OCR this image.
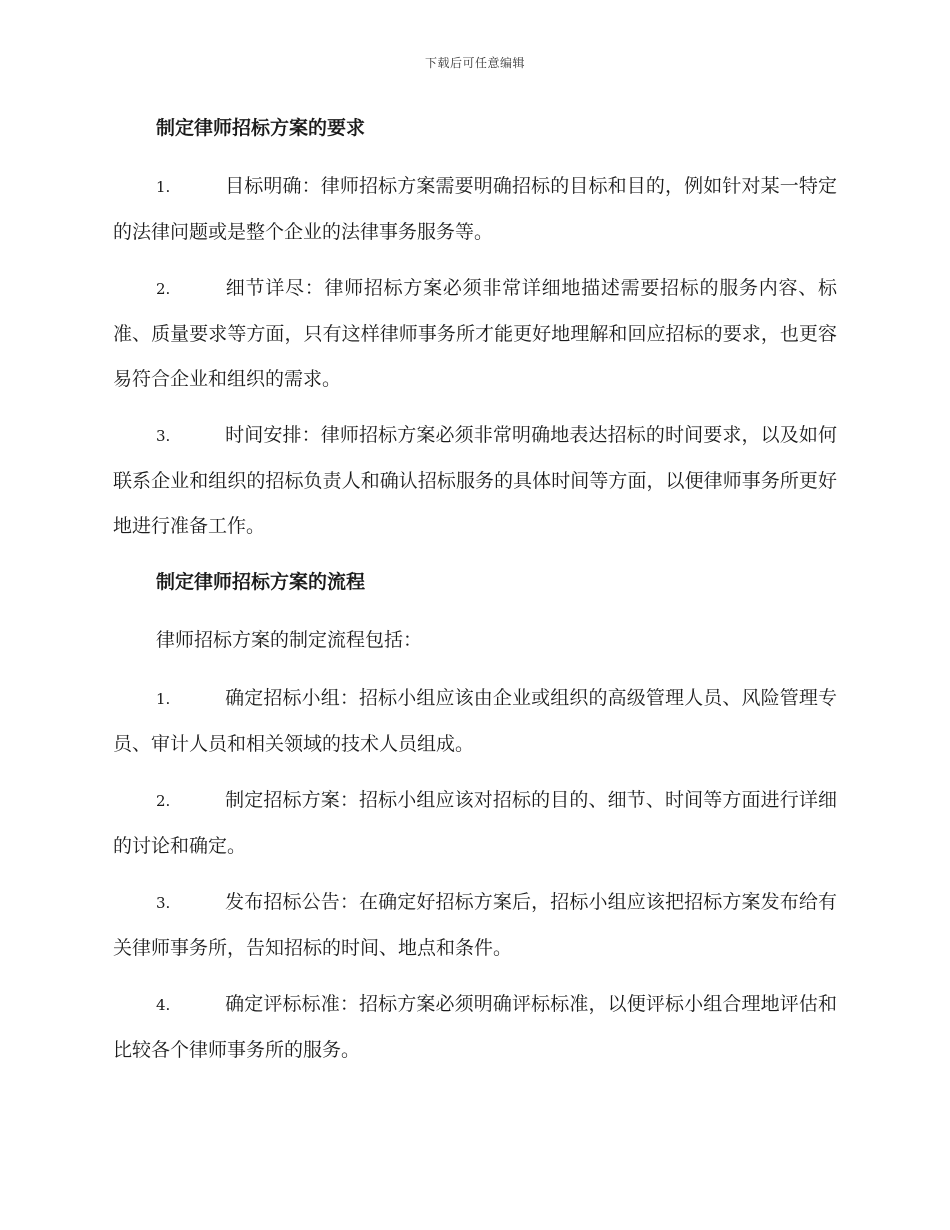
下载后可任意编辑

制定律师招标方案的要求

1.	目标明确：律师招标方案需要明确招标的目标和目的，例如针对某一特定的法律问题或是整个企业的法律事务服务等。

2.	细节详尽：律师招标方案必须非常详细地描述需要招标的服务内容、标准、质量要求等方面，只有这样律师事务所才能更好地理解和回应招标的要求，也更容易符合企业和组织的需求。

3.	时间安排：律师招标方案必须非常明确地表达招标的时间要求，以及如何联系企业和组织的招标负责人和确认招标服务的具体时间等方面，以便律师事务所更好地进行准备工作。

制定律师招标方案的流程

律师招标方案的制定流程包括：

1.	确定招标小组：招标小组应该由企业或组织的高级管理人员、风险管理专员、审计人员和相关领域的技术人员组成。

2.	制定招标方案：招标小组应该对招标的目的、细节、时间等方面进行详细的讨论和确定。

3.	发布招标公告：在确定好招标方案后，招标小组应该把招标方案发布给有关律师事务所，告知招标的时间、地点和条件。

4.	确定评标标准：招标方案必须明确评标标准，以便评标小组合理地评估和比较各个律师事务所的服务。
